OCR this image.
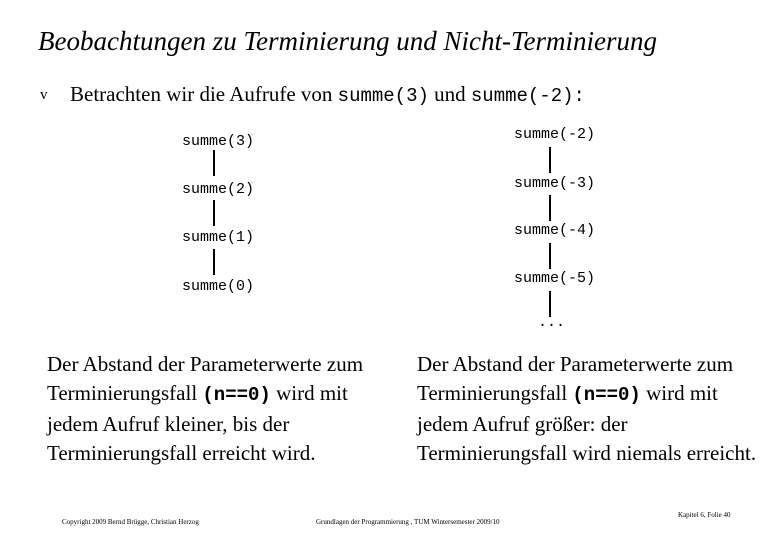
Beobachtungen zu Terminierung und Nicht-Terminierung
v Betrachten wir die Aufrufe von summe(3) und summe(-2):
summe(3)
summe(2)
summe(1)
summe(0)
summe(-2)
summe(-3)
summe(-4)
summe(-5)
...
Der Abstand der Parameterwerte zum Terminierungsfall (n==0) wird mit jedem Aufruf kleiner, bis der Terminierungsfall erreicht wird.
Der Abstand der Parameterwerte zum Terminierungsfall (n==0) wird mit jedem Aufruf größer: der Terminierungsfall wird niemals erreicht.
Copyright 2009 Bernd Brügge, Christian Herzog	Grundlagen der Programmierung , TUM Wintersemester 2009/10
Kapitel 6, Folie 40
